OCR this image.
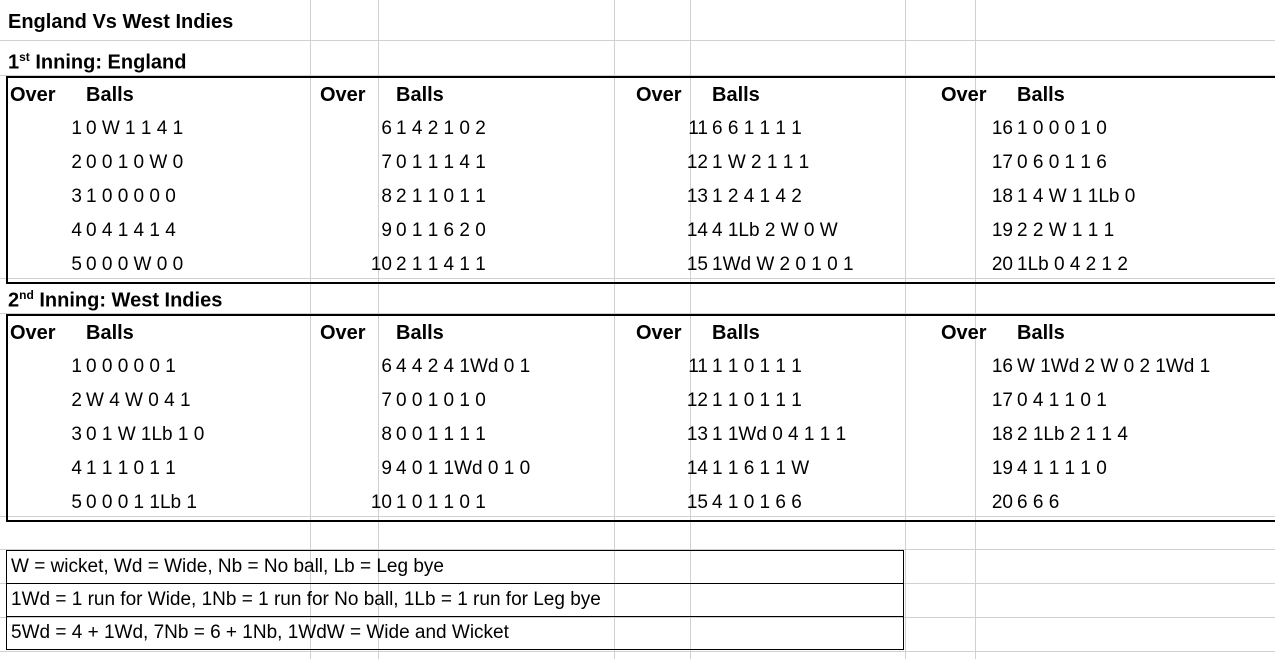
England Vs West Indies
1st Inning: England
Over	Balls	Over	Balls	Over	Balls	Over	Balls
1	0 W 1 1 4 1	6	1 4 2 1 0 2	11	6 6 1 1 1 1	16	1 0 0 0 1 0
2	0 0 1 0 W 0	7	0 1 1 1 4 1	12	1 W 2 1 1 1	17	0 6 0 1 1 6
3	1 0 0 0 0 0	8	2 1 1 0 1 1	13	1 2 4 1 4 2	18	1 4 W 1 1Lb 0
4	0 4 1 4 1 4	9	0 1 1 6 2 0	14	4 1Lb 2 W 0 W	19	2 2 W 1 1 1
5	0 0 0 W 0 0	10	2 1 1 4 1 1	15	1Wd W 2 0 1 0 1	20	1Lb 0 4 2 1 2
2nd Inning: West Indies
Over	Balls	Over	Balls	Over	Balls	Over	Balls
1	0 0 0 0 0 1	6	4 4 2 4 1Wd 0 1	11	1 1 0 1 1 1	16	W 1Wd 2 W 0 2 1Wd 1
2	W 4 W 0 4 1	7	0 0 1 0 1 0	12	1 1 0 1 1 1	17	0 4 1 1 0 1
3	0 1 W 1Lb 1 0	8	0 0 1 1 1 1	13	1 1Wd 0 4 1 1 1	18	2 1Lb 2 1 1 4
4	1 1 1 0 1 1	9	4 0 1 1Wd 0 1 0	14	1 1 6 1 1 W	19	4 1 1 1 1 0
5	0 0 0 1 1Lb 1	10	1 0 1 1 0 1	15	4 1 0 1 6 6	20	6 6 6
W = wicket, Wd = Wide, Nb = No ball, Lb = Leg bye
1Wd = 1 run for Wide, 1Nb = 1 run for No ball, 1Lb = 1 run for Leg bye
5Wd = 4 + 1Wd, 7Nb = 6 + 1Nb, 1WdW = Wide and Wicket
